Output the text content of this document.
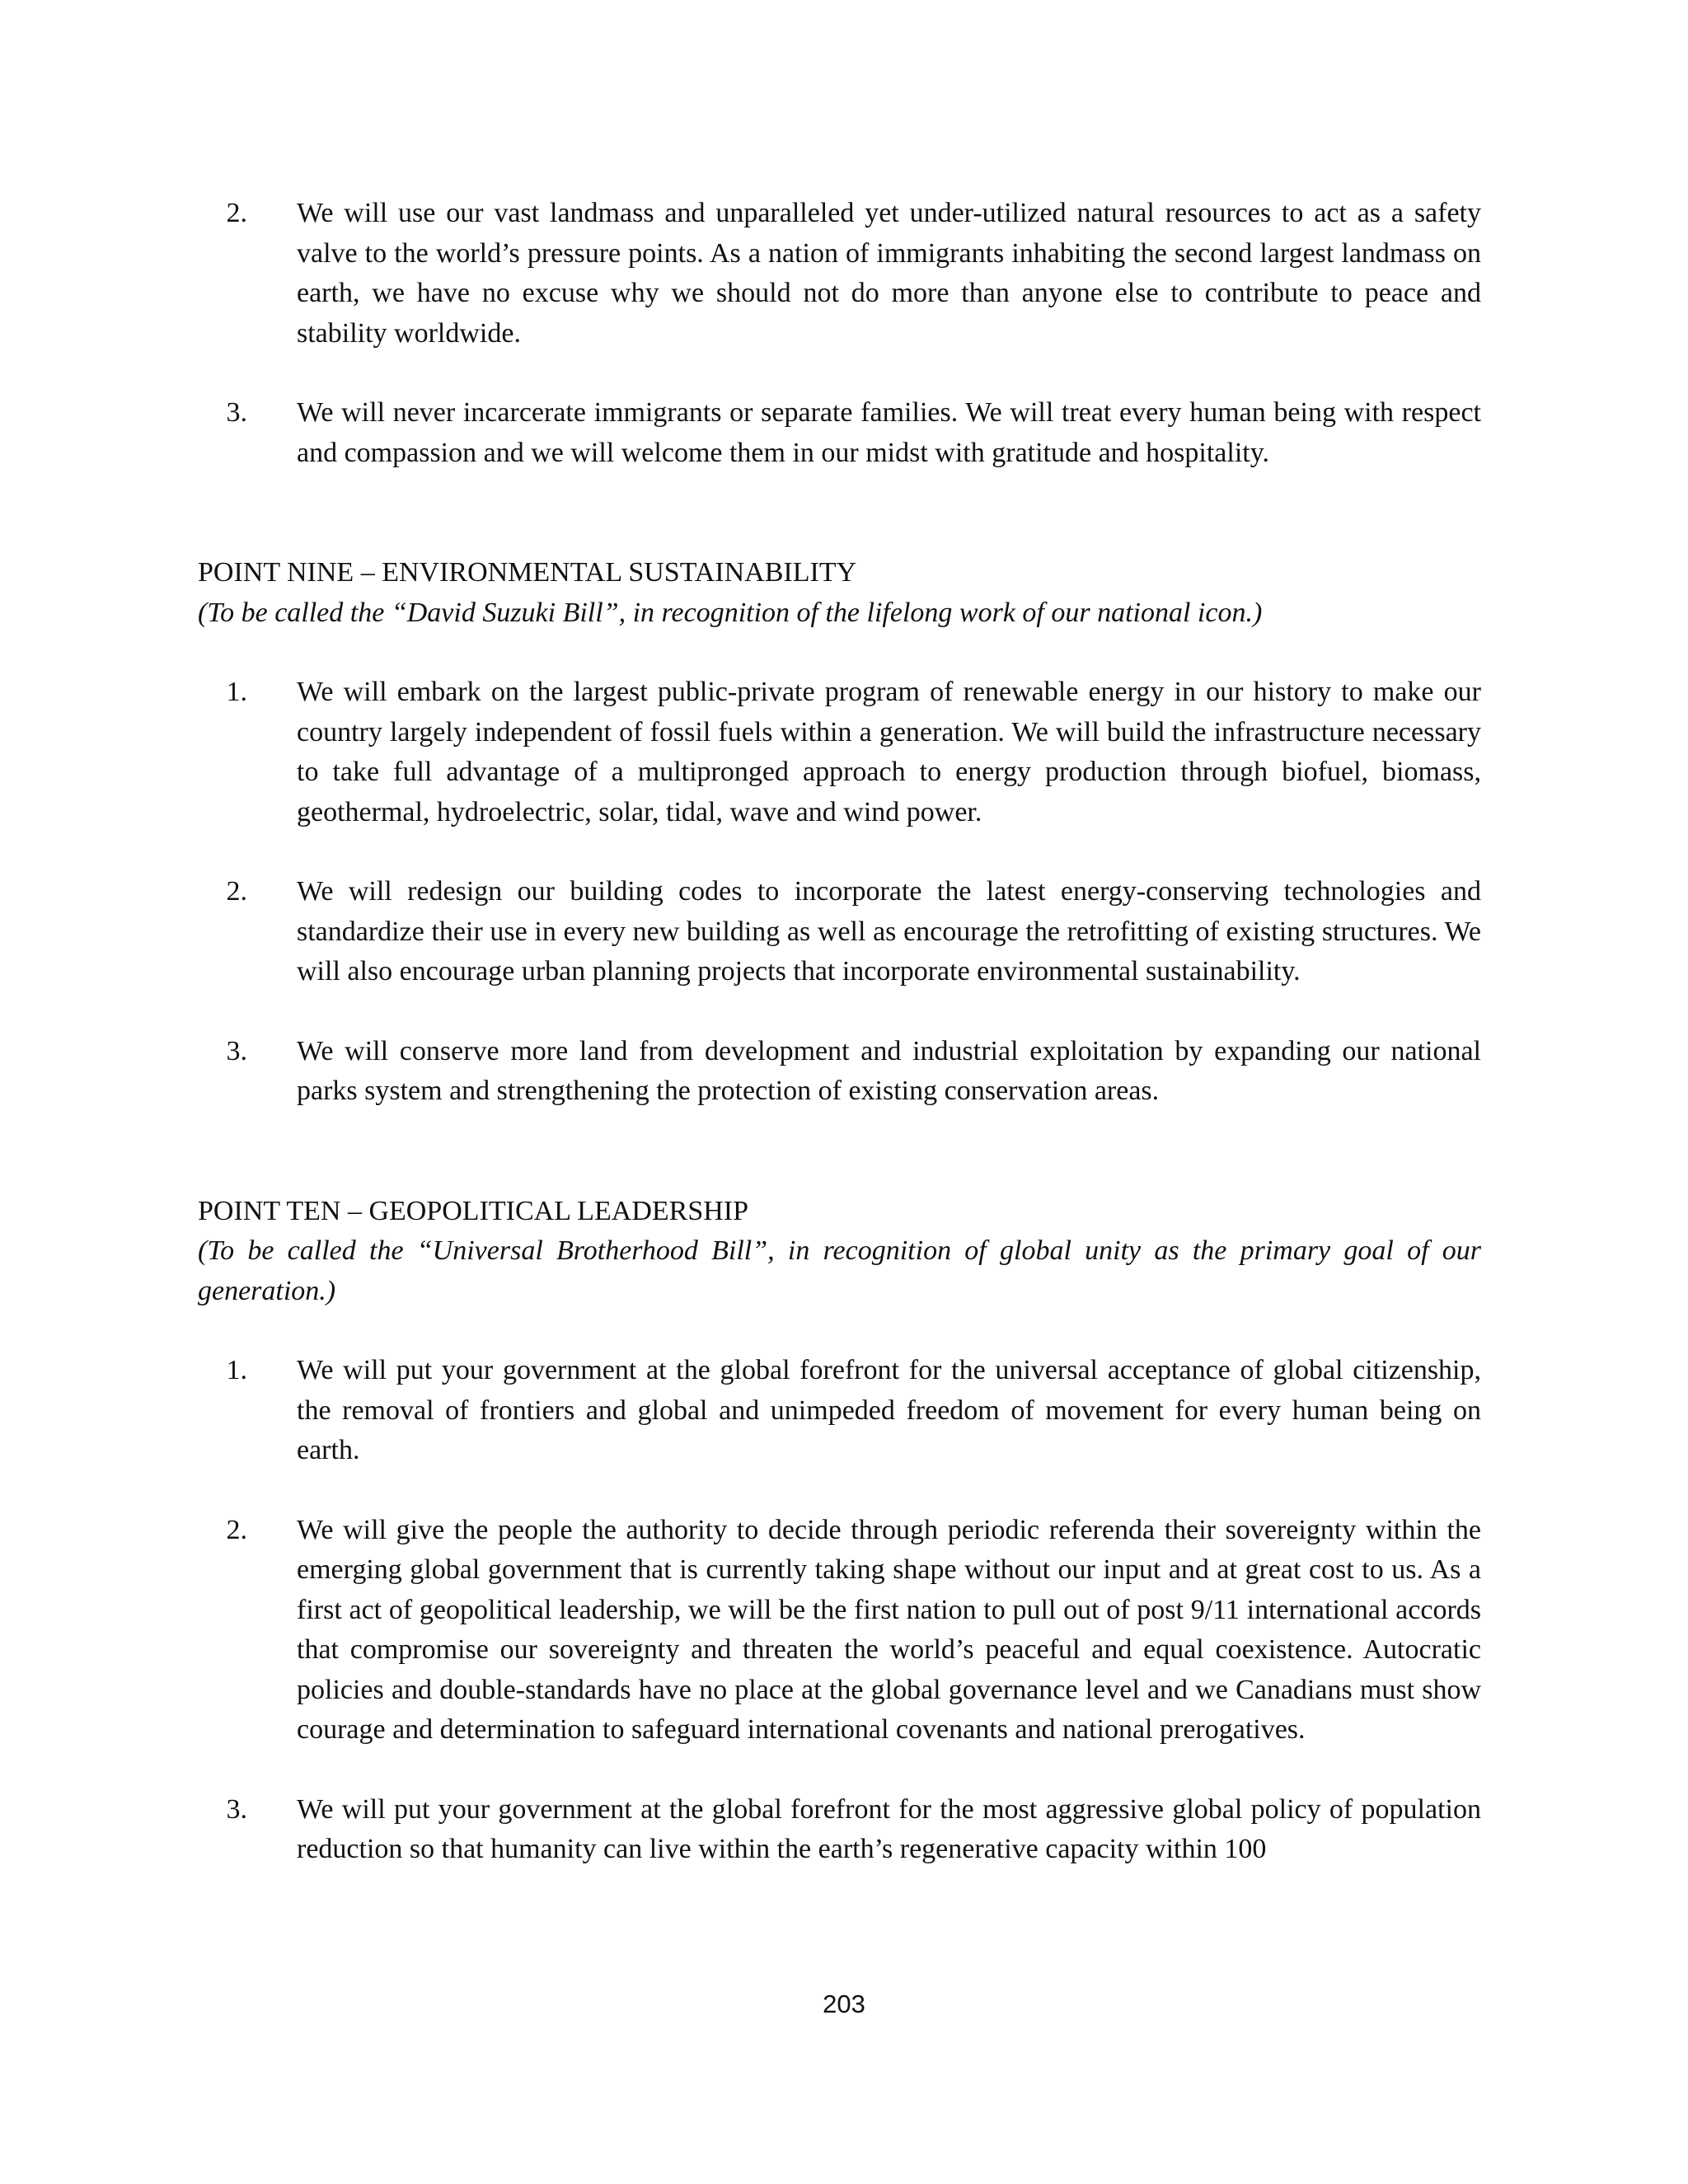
2. We will use our vast landmass and unparalleled yet under-utilized natural resources to act as a safety valve to the world’s pressure points. As a nation of immigrants inhabiting the second largest landmass on earth, we have no excuse why we should not do more than anyone else to contribute to peace and stability worldwide.
3. We will never incarcerate immigrants or separate families. We will treat every human being with respect and compassion and we will welcome them in our midst with gratitude and hospitality.

POINT NINE – ENVIRONMENTAL SUSTAINABILITY

(To be called the “David Suzuki Bill”, in recognition of the lifelong work of our national icon.)

1. We will embark on the largest public-private program of renewable energy in our history to make our country largely independent of fossil fuels within a generation. We will build the infrastructure necessary to take full advantage of a multipronged approach to energy production through biofuel, biomass, geothermal, hydroelectric, solar, tidal, wave and wind power.
2. We will redesign our building codes to incorporate the latest energy-conserving technologies and standardize their use in every new building as well as encourage the retrofitting of existing structures. We will also encourage urban planning projects that incorporate environmental sustainability.
3. We will conserve more land from development and industrial exploitation by expanding our national parks system and strengthening the protection of existing conservation areas.

POINT TEN – GEOPOLITICAL LEADERSHIP

(To be called the “Universal Brotherhood Bill”, in recognition of global unity as the primary goal of our generation.)

1. We will put your government at the global forefront for the universal acceptance of global citizenship, the removal of frontiers and global and unimpeded freedom of movement for every human being on earth.
2. We will give the people the authority to decide through periodic referenda their sovereignty within the emerging global government that is currently taking shape without our input and at great cost to us. As a first act of geopolitical leadership, we will be the first nation to pull out of post 9/11 international accords that compromise our sovereignty and threaten the world’s peaceful and equal coexistence. Autocratic policies and double-standards have no place at the global governance level and we Canadians must show courage and determination to safeguard international covenants and national prerogatives.
3. We will put your government at the global forefront for the most aggressive global policy of population reduction so that humanity can live within the earth’s regenerative capacity within 100
203
